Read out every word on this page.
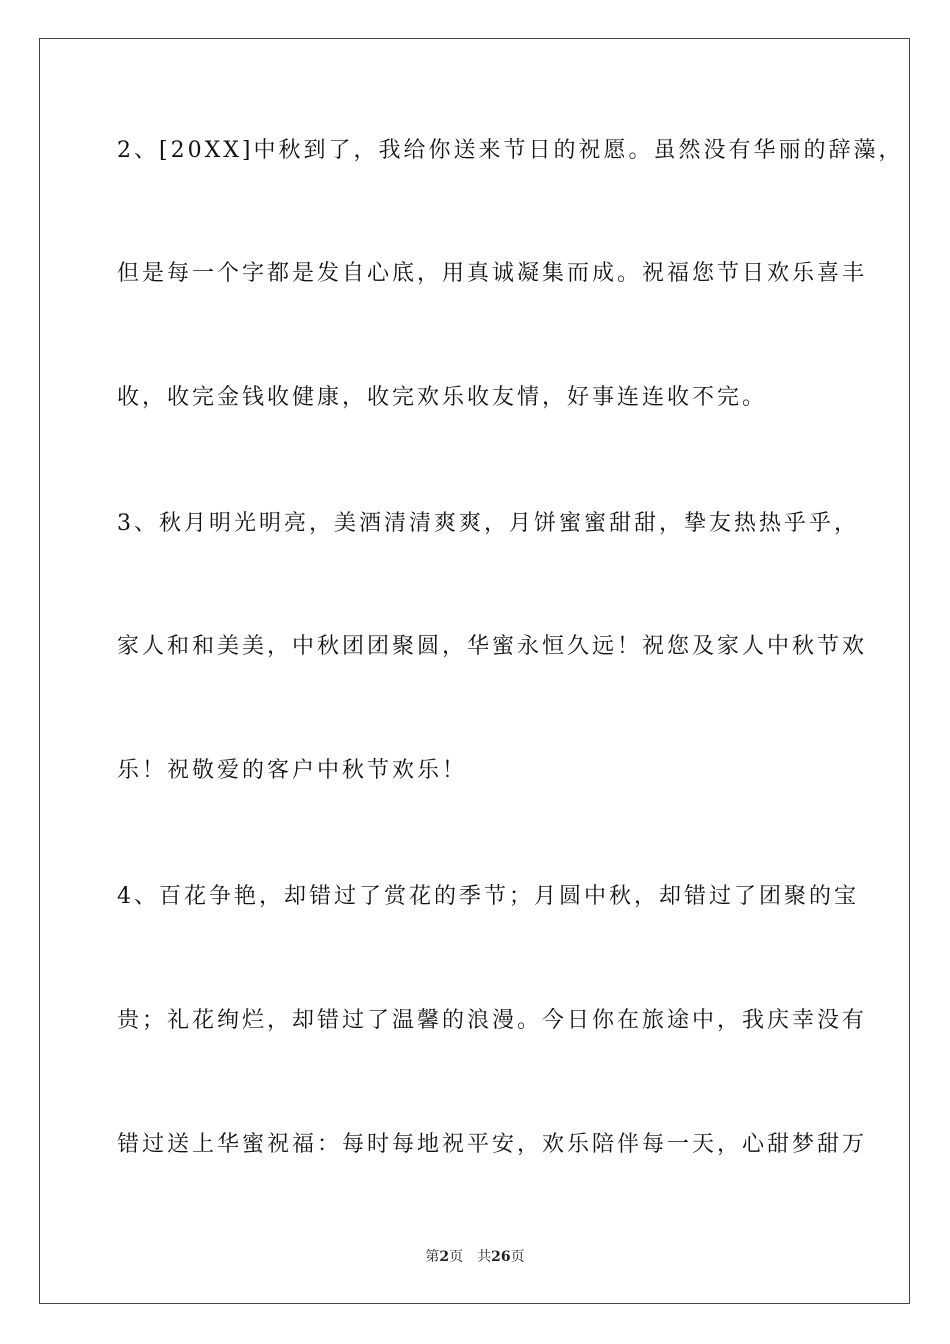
2、[20XX]中秋到了，我给你送来节日的祝愿。虽然没有华丽的辞藻，
但是每一个字都是发自心底，用真诚凝集而成。祝福您节日欢乐喜丰
收，收完金钱收健康，收完欢乐收友情，好事连连收不完。
3、秋月明光明亮，美酒清清爽爽，月饼蜜蜜甜甜，挚友热热乎乎，
家人和和美美，中秋团团聚圆，华蜜永恒久远！祝您及家人中秋节欢
乐！祝敬爱的客户中秋节欢乐！
4、百花争艳，却错过了赏花的季节；月圆中秋，却错过了团聚的宝
贵；礼花绚烂，却错过了温馨的浪漫。今日你在旅途中，我庆幸没有
错过送上华蜜祝福：每时每地祝平安，欢乐陪伴每一天，心甜梦甜万
第2页　共26页
